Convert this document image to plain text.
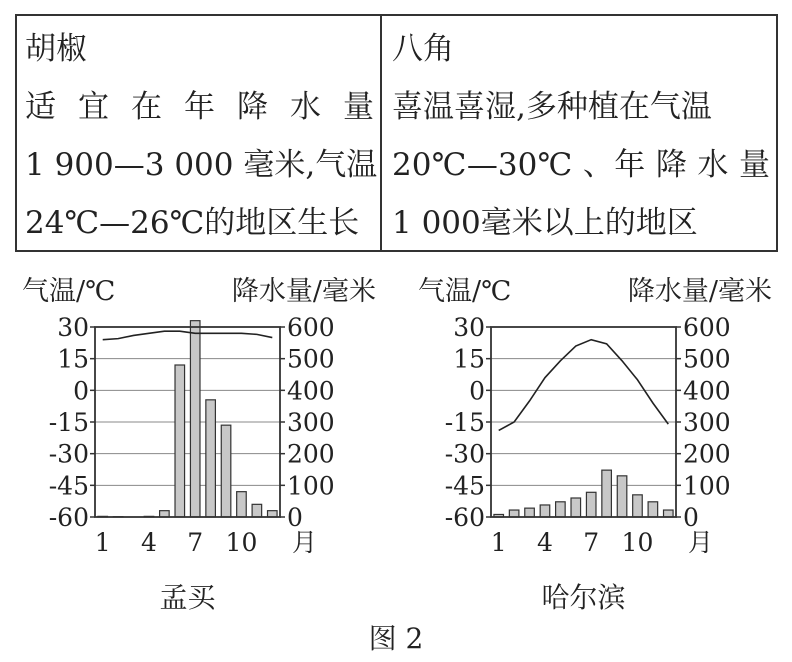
胡椒
适 宜 在 年 降 水 量
1 900—3 000 毫米,气温
24℃—26℃的地区生长
八角
喜温喜湿,多种植在气温
20℃—30℃ 、年 降 水 量
1 000毫米以上的地区
气温/℃	降水量/毫米
30	600
15	500
0	400
-15	300
-30	200
-45	100
-60	0
1 4 7 10 月
孟买
气温/℃	降水量/毫米
30	600
15	500
0	400
-15	300
-30	200
-45	100
-60	0
1 4 7 10 月
哈尔滨
图 2
